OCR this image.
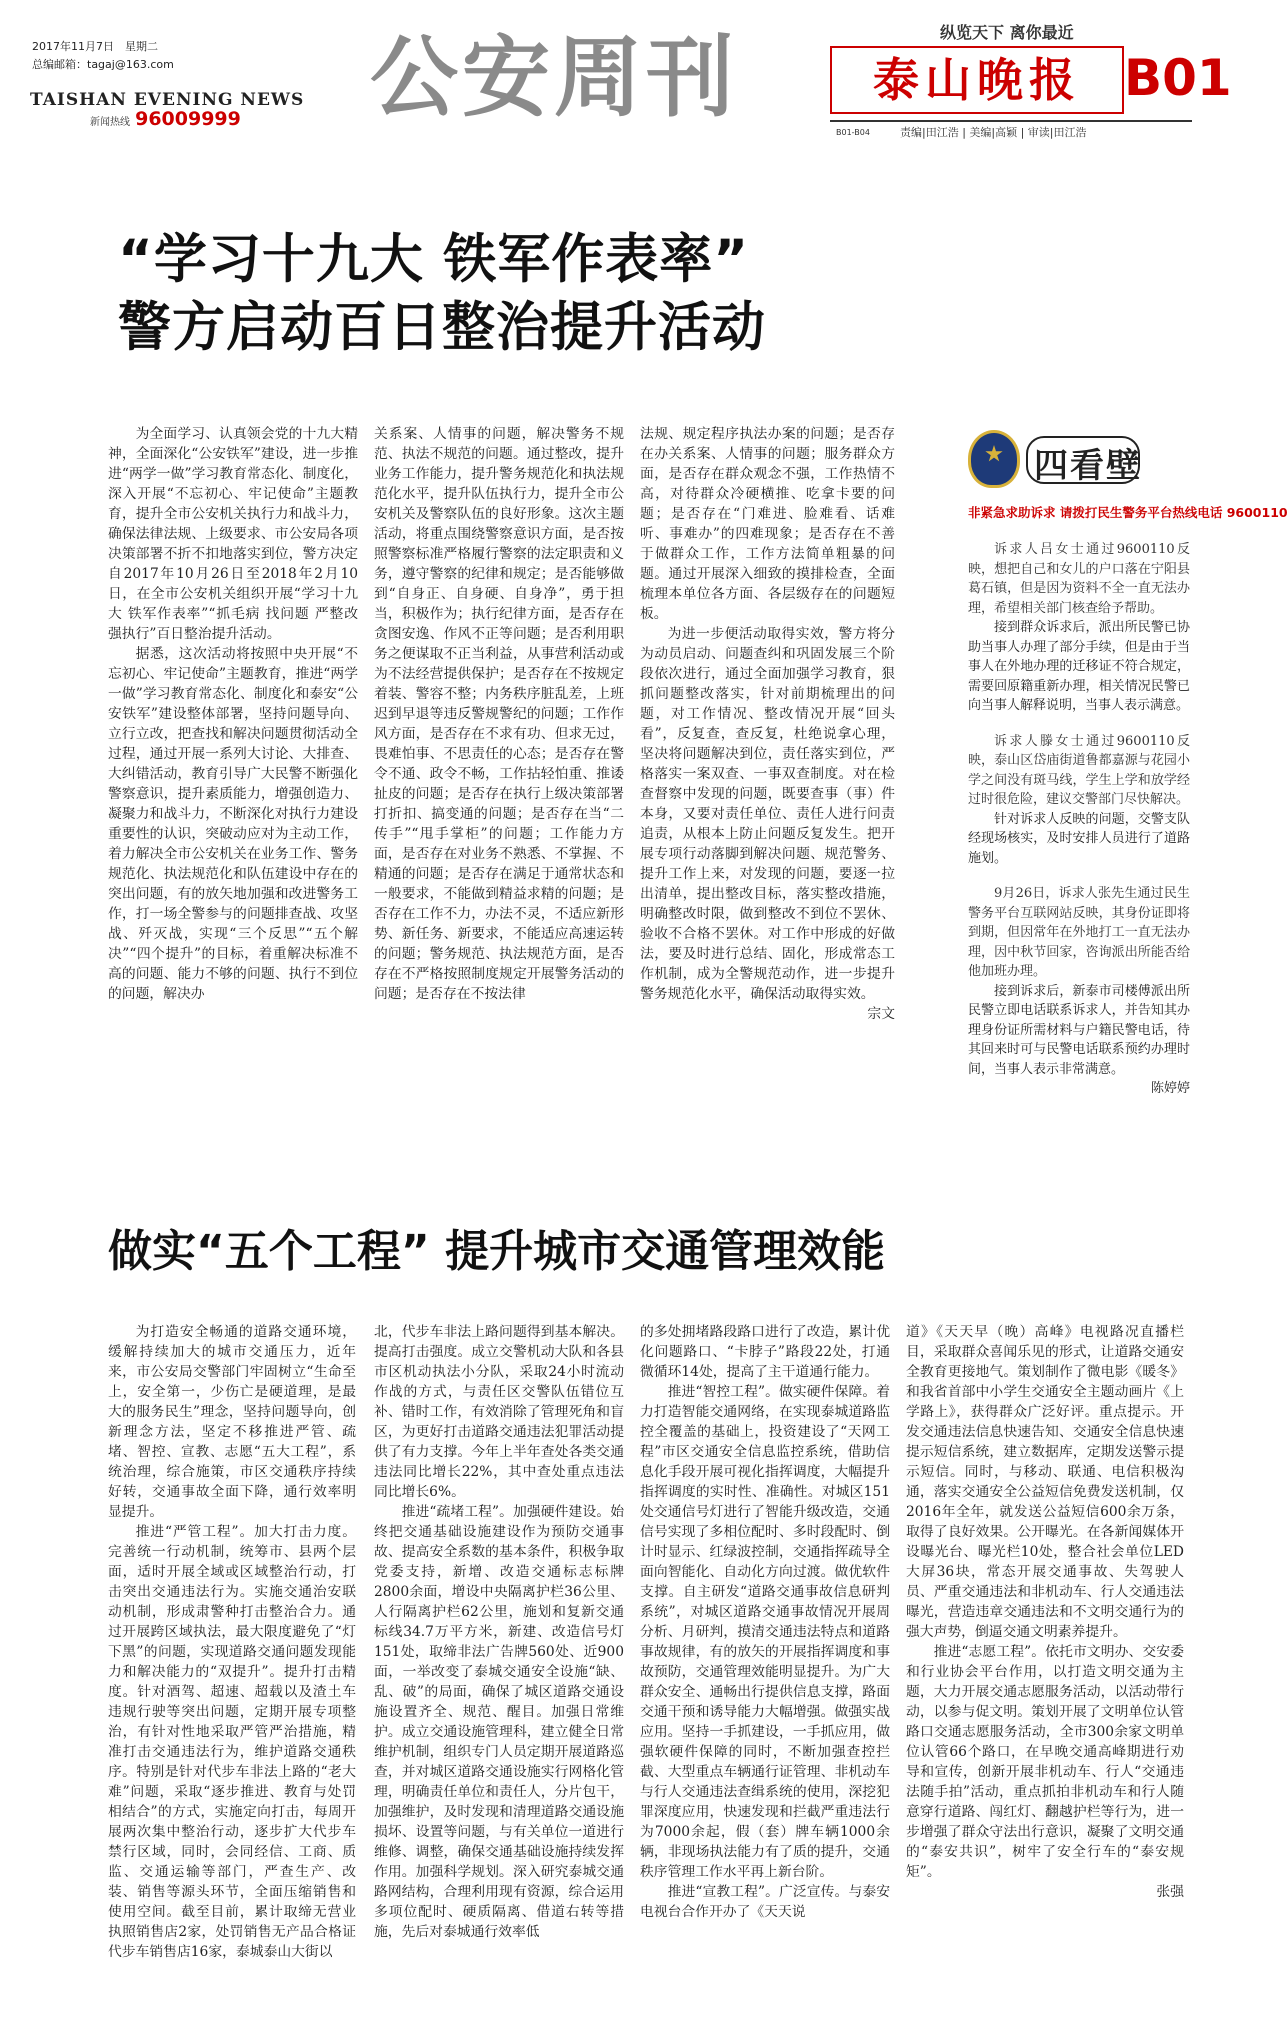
2017年11月7日　星期二
总编邮箱：tagaj@163.com
TAISHAN EVENING NEWS
新闻热线 96009999 公安周刊	纵览天下 离你最近
泰山晚报 B01
B01-B04	责编|田江浩 | 美编|高颖 | 审读|田江浩
“学习十九大 铁军作表率”
警方启动百日整治提升活动

为全面学习、认真领会党的十九大精神，全面深化“公安铁军”建设，进一步推进“两学一做”学习教育常态化、制度化，深入开展“不忘初心、牢记使命”主题教育，提升全市公安机关执行力和战斗力，确保法律法规、上级要求、市公安局各项决策部署不折不扣地落实到位，警方决定自2017年10月26日至2018年2月10日，在全市公安机关组织开展“学习十九大 铁军作表率”“抓毛病 找问题 严整改 强执行”百日整治提升活动。

据悉，这次活动将按照中央开展“不忘初心、牢记使命”主题教育，推进“两学一做”学习教育常态化、制度化和泰安“公安铁军”建设整体部署，坚持问题导向、立行立改，把查找和解决问题贯彻活动全过程，通过开展一系列大讨论、大排查、大纠错活动，教育引导广大民警不断强化警察意识，提升素质能力，增强创造力、凝聚力和战斗力，不断深化对执行力建设重要性的认识，突破动应对为主动工作，着力解决全市公安机关在业务工作、警务规范化、执法规范化和队伍建设中存在的突出问题，有的放矢地加强和改进警务工作，打一场全警参与的问题排查战、攻坚战、歼灭战，实现“三个反思”“五个解决”“四个提升”的目标，着重解决标准不高的问题、能力不够的问题、执行不到位的问题，解决办

关系案、人情事的问题，解决警务不规范、执法不规范的问题。通过整改，提升业务工作能力，提升警务规范化和执法规范化水平，提升队伍执行力，提升全市公安机关及警察队伍的良好形象。这次主题活动，将重点围绕警察意识方面，是否按照警察标准严格履行警察的法定职责和义务，遵守警察的纪律和规定；是否能够做到“自身正、自身硬、自身净”，勇于担当，积极作为；执行纪律方面，是否存在贪图安逸、作风不正等问题；是否利用职务之便谋取不正当利益，从事营利活动或为不法经营提供保护；是否存在不按规定着装、警容不整；内务秩序脏乱差，上班迟到早退等违反警规警纪的问题；工作作风方面，是否存在不求有功、但求无过，畏难怕事、不思责任的心态；是否存在警令不通、政令不畅，工作拈轻怕重、推诿扯皮的问题；是否存在执行上级决策部署打折扣、搞变通的问题；是否存在当“二传手”“甩手掌柜”的问题；工作能力方面，是否存在对业务不熟悉、不掌握、不精通的问题；是否存在满足于通常状态和一般要求，不能做到精益求精的问题；是否存在工作不力，办法不灵，不适应新形势、新任务、新要求，不能适应高速运转的问题；警务规范、执法规范方面，是否存在不严格按照制度规定开展警务活动的问题；是否存在不按法律

法规、规定程序执法办案的问题；是否存在办关系案、人情事的问题；服务群众方面，是否存在群众观念不强，工作热情不高，对待群众冷硬横推、吃拿卡要的问题；是否存在“门难进、脸难看、话难听、事难办”的四难现象；是否存在不善于做群众工作，工作方法简单粗暴的问题。通过开展深入细致的摸排检查，全面梳理本单位各方面、各层级存在的问题短板。

为进一步便活动取得实效，警方将分为动员启动、问题查纠和巩固发展三个阶段依次进行，通过全面加强学习教育，狠抓问题整改落实，针对前期梳理出的问题，对工作情况、整改情况开展“回头看”，反复查，查反复，杜绝说拿心理，坚决将问题解决到位，责任落实到位，严格落实一案双查、一事双查制度。对在检查督察中发现的问题，既要查事（事）件本身，又要对责任单位、责任人进行问责追责，从根本上防止问题反复发生。把开展专项行动落脚到解决问题、规范警务、提升工作上来，对发现的问题，要逐一拉出清单，提出整改目标，落实整改措施，明确整改时限，做到整改不到位不罢休、验收不合格不罢休。对工作中形成的好做法，要及时进行总结、固化，形成常态工作机制，成为全警规范动作，进一步提升警务规范化水平，确保活动取得实效。

宗文
四看壁
非紧急求助诉求 请拨打民生警务平台热线电话 9600110

诉求人吕女士通过9600110反映，想把自己和女儿的户口落在宁阳县葛石镇，但是因为资料不全一直无法办理，希望相关部门核查给予帮助。

接到群众诉求后，派出所民警已协助当事人办理了部分手续，但是由于当事人在外地办理的迁移证不符合规定，需要回原籍重新办理，相关情况民警已向当事人解释说明，当事人表示满意。

诉求人滕女士通过9600110反映，泰山区岱庙街道鲁都嘉源与花园小学之间没有斑马线，学生上学和放学经过时很危险，建议交警部门尽快解决。

针对诉求人反映的问题，交警支队经现场核实，及时安排人员进行了道路施划。

9月26日，诉求人张先生通过民生警务平台互联网站反映，其身份证即将到期，但因常年在外地打工一直无法办理，因中秋节回家，咨询派出所能否给他加班办理。

接到诉求后，新泰市司楼傅派出所民警立即电话联系诉求人，并告知其办理身份证所需材料与户籍民警电话，待其回来时可与民警电话联系预约办理时间，当事人表示非常满意。

陈婷婷
做实“五个工程” 提升城市交通管理效能

为打造安全畅通的道路交通环境，缓解持续加大的城市交通压力，近年来，市公安局交警部门牢固树立“生命至上，安全第一，少伤亡是硬道理，是最大的服务民生”理念，坚持问题导向，创新理念方法，坚定不移推进严管、疏堵、智控、宣教、志愿“五大工程”，系统治理，综合施策，市区交通秩序持续好转，交通事故全面下降，通行效率明显提升。

推进“严管工程”。加大打击力度。完善统一行动机制，统筹市、县两个层面，适时开展全域或区域整治行动，打击突出交通违法行为。实施交通治安联动机制，形成肃警种打击整治合力。通过开展跨区域执法，最大限度避免了“灯下黑”的问题，实现道路交通问题发现能力和解决能力的“双提升”。提升打击精度。针对酒驾、超速、超载以及渣土车违规行驶等突出问题，定期开展专项整治，有针对性地采取严管严治措施，精准打击交通违法行为，维护道路交通秩序。特别是针对代步车非法上路的“老大难”问题，采取“逐步推进、教育与处罚相结合”的方式，实施定向打击，每周开展两次集中整治行动，逐步扩大代步车禁行区域，同时，会同经信、工商、质监、交通运输等部门，严查生产、改装、销售等源头环节，全面压缩销售和使用空间。截至目前，累计取缔无营业执照销售店2家，处罚销售无产品合格证代步车销售店16家，泰城泰山大街以

北，代步车非法上路问题得到基本解决。提高打击强度。成立交警机动大队和各县市区机动执法小分队，采取24小时流动作战的方式，与责任区交警队伍错位互补、错时工作，有效消除了管理死角和盲区，为更好打击道路交通违法犯罪活动提供了有力支撑。今年上半年查处各类交通违法同比增长22%，其中查处重点违法同比增长6%。

推进“疏堵工程”。加强硬件建设。始终把交通基础设施建设作为预防交通事故、提高安全系数的基本条件，积极争取党委支持，新增、改造交通标志标牌2800余面，增设中央隔离护栏36公里、人行隔离护栏62公里，施划和复新交通标线34.7万平方米，新建、改造信号灯151处，取缔非法广告牌560处、近900面，一举改变了泰城交通安全设施“缺、乱、破”的局面，确保了城区道路交通设施设置齐全、规范、醒目。加强日常维护。成立交通设施管理科，建立健全日常维护机制，组织专门人员定期开展道路巡查，并对城区道路交通设施实行网格化管理，明确责任单位和责任人，分片包干，加强维护，及时发现和清理道路交通设施损坏、设置等问题，与有关单位一道进行维修、调整，确保交通基础设施持续发挥作用。加强科学规划。深入研究泰城交通路网结构，合理利用现有资源，综合运用多项位配时、硬质隔离、借道右转等措施，先后对泰城通行效率低

的多处拥堵路段路口进行了改造，累计优化问题路口、“卡脖子”路段22处，打通微循环14处，提高了主干道通行能力。

推进“智控工程”。做实硬件保障。着力打造智能交通网络，在实现泰城道路监控全覆盖的基础上，投资建设了“天网工程”市区交通安全信息监控系统，借助信息化手段开展可视化指挥调度，大幅提升指挥调度的实时性、准确性。对城区151处交通信号灯进行了智能升级改造，交通信号实现了多相位配时、多时段配时、倒计时显示、红绿波控制，交通指挥疏导全面向智能化、自动化方向过渡。做优软件支撑。自主研发“道路交通事故信息研判系统”，对城区道路交通事故情况开展周分析、月研判，摸清交通违法特点和道路事故规律，有的放矢的开展指挥调度和事故预防，交通管理效能明显提升。为广大群众安全、通畅出行提供信息支撑，路面交通干预和诱导能力大幅增强。做强实战应用。坚持一手抓建设，一手抓应用，做强软硬件保障的同时，不断加强查控拦截、大型重点车辆通行证管理、非机动车与行人交通违法查缉系统的使用，深挖犯罪深度应用，快速发现和拦截严重违法行为7000余起，假（套）牌车辆1000余辆，非现场执法能力有了质的提升，交通秩序管理工作水平再上新台阶。

推进“宣教工程”。广泛宣传。与泰安电视台合作开办了《天天说

道》《天天早（晚）高峰》电视路况直播栏目，采取群众喜闻乐见的形式，让道路交通安全教育更接地气。策划制作了微电影《暖冬》和我省首部中小学生交通安全主题动画片《上学路上》，获得群众广泛好评。重点提示。开发交通违法信息快速告知、交通安全信息快速提示短信系统，建立数据库，定期发送警示提示短信。同时，与移动、联通、电信积极沟通，落实交通安全公益短信免费发送机制，仅2016年全年，就发送公益短信600余万条，取得了良好效果。公开曝光。在各新闻媒体开设曝光台、曝光栏10处，整合社会单位LED大屏36块，常态开展交通事故、失驾驶人员、严重交通违法和非机动车、行人交通违法曝光，营造违章交通违法和不文明交通行为的强大声势，倒逼交通文明素养提升。

推进“志愿工程”。依托市文明办、交安委和行业协会平台作用，以打造文明交通为主题，大力开展交通志愿服务活动，以活动带行动，以参与促文明。策划开展了文明单位认管路口交通志愿服务活动，全市300余家文明单位认管66个路口，在早晚交通高峰期进行劝导和宣传，创新开展非机动车、行人“交通违法随手拍”活动，重点抓拍非机动车和行人随意穿行道路、闯红灯、翻越护栏等行为，进一步增强了群众守法出行意识，凝聚了文明交通的“泰安共识”，树牢了安全行车的“泰安规矩”。

张强
